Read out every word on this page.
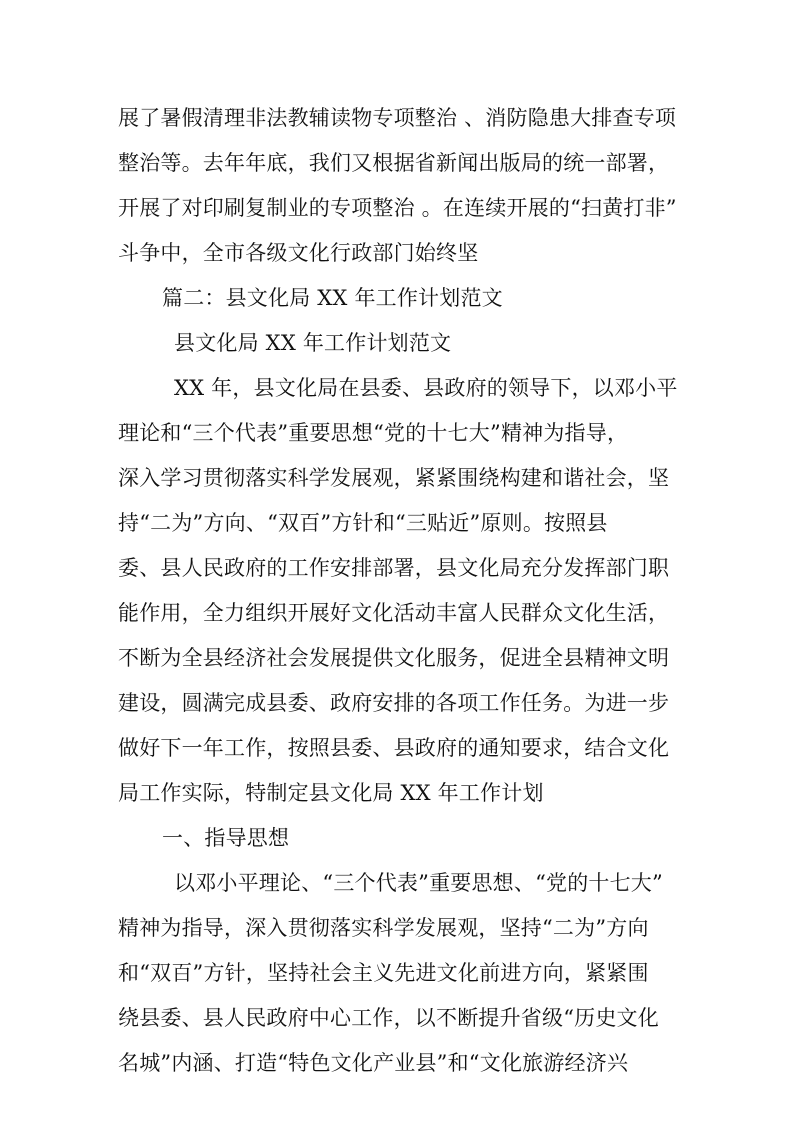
展了暑假清理非法教辅读物专项整治 、消防隐患大排查专项
整治等。去年年底，我们又根据省新闻出版局的统一部署，
开展了对印刷复制业的专项整治 。在连续开展的“扫黄打非”
斗争中，全市各级文化行政部门始终坚
篇二：县文化局 XX 年工作计划范文
县文化局 XX 年工作计划范文
XX 年，县文化局在县委、县政府的领导下，以邓小平
理论和“三个代表”重要思想“党的十七大”精神为指导，
深入学习贯彻落实科学发展观，紧紧围绕构建和谐社会，坚
持“二为”方向、“双百”方针和“三贴近”原则。按照县
委、县人民政府的工作安排部署，县文化局充分发挥部门职
能作用，全力组织开展好文化活动丰富人民群众文化生活，
不断为全县经济社会发展提供文化服务，促进全县精神文明
建设，圆满完成县委、政府安排的各项工作任务。为进一步
做好下一年工作，按照县委、县政府的通知要求，结合文化
局工作实际，特制定县文化局 XX 年工作计划
一、指导思想
以邓小平理论、“三个代表”重要思想、“党的十七大”
精神为指导，深入贯彻落实科学发展观，坚持“二为”方向
和“双百”方针，坚持社会主义先进文化前进方向，紧紧围
绕县委、县人民政府中心工作，以不断提升省级“历史文化
名城”内涵、打造“特色文化产业县”和“文化旅游经济兴
